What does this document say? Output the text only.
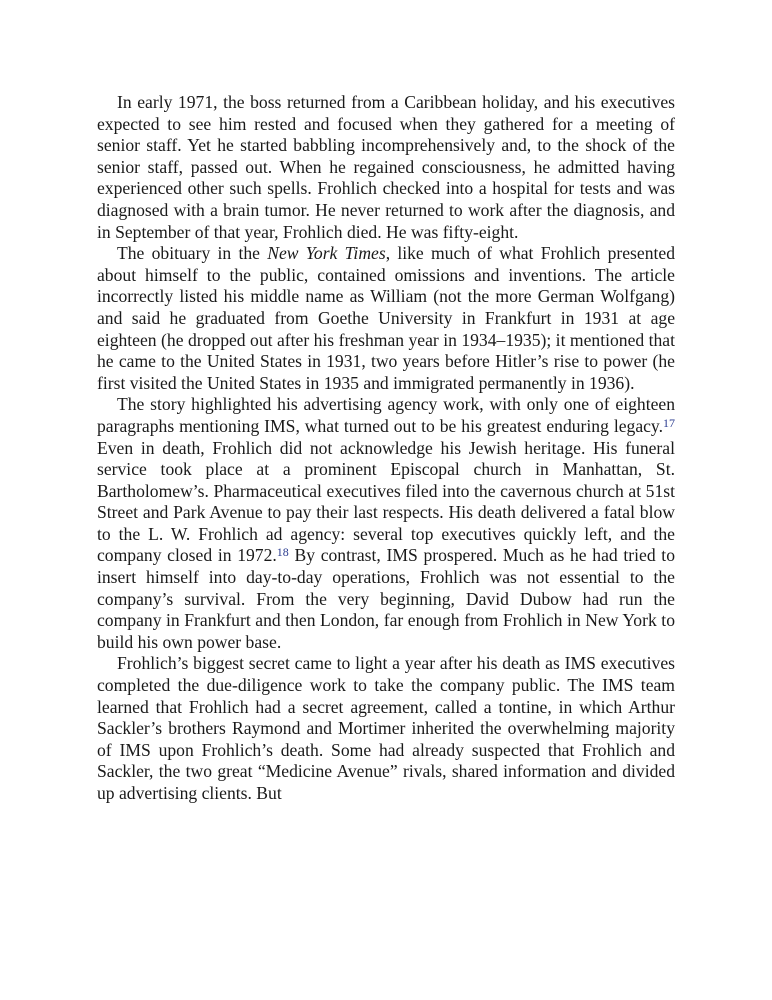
In early 1971, the boss returned from a Caribbean holiday, and his executives expected to see him rested and focused when they gathered for a meeting of senior staff. Yet he started babbling incomprehensively and, to the shock of the senior staff, passed out. When he regained consciousness, he admitted having experienced other such spells. Frohlich checked into a hospital for tests and was diagnosed with a brain tumor. He never returned to work after the diagnosis, and in September of that year, Frohlich died. He was fifty-eight.

The obituary in the New York Times, like much of what Frohlich presented about himself to the public, contained omissions and inventions. The article incorrectly listed his middle name as William (not the more German Wolfgang) and said he graduated from Goethe University in Frankfurt in 1931 at age eighteen (he dropped out after his freshman year in 1934–1935); it mentioned that he came to the United States in 1931, two years before Hitler’s rise to power (he first visited the United States in 1935 and immigrated permanently in 1936).

The story highlighted his advertising agency work, with only one of eighteen paragraphs mentioning IMS, what turned out to be his greatest enduring legacy.$^{17}$ Even in death, Frohlich did not acknowledge his Jewish heritage. His funeral service took place at a prominent Episcopal church in Manhattan, St. Bartholomew’s. Pharmaceutical executives filed into the cavernous church at 51st Street and Park Avenue to pay their last respects. His death delivered a fatal blow to the L. W. Frohlich ad agency: several top executives quickly left, and the company closed in 1972.18 By contrast, IMS prospered. Much as he had tried to insert himself into day-to-day operations, Frohlich was not essential to the company’s survival. From the very beginning, David Dubow had run the company in Frankfurt and then London, far enough from Frohlich in New York to build his own power base.

Frohlich’s biggest secret came to light a year after his death as IMS executives completed the due-diligence work to take the company public. The IMS team learned that Frohlich had a secret agreement, called a tontine, in which Arthur Sackler’s brothers Raymond and Mortimer inherited the overwhelming majority of IMS upon Frohlich’s death. Some had already suspected that Frohlich and Sackler, the two great “Medicine Avenue” rivals, shared information and divided up advertising clients. But
